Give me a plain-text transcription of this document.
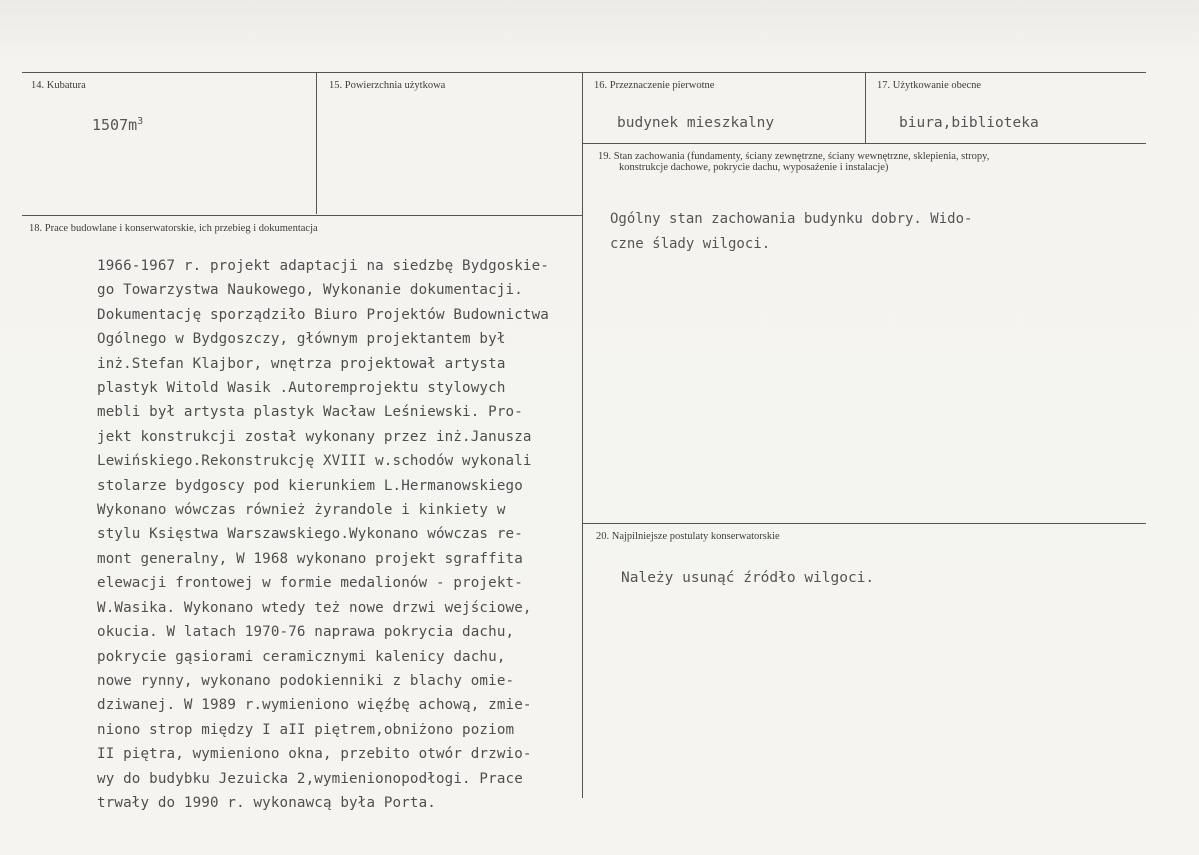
14. Kubatura
$1507m^3$
15. Powierzchnia użytkowa	16. Przeznaczenie pierwotne
budynek mieszkalny
17. Użytkowanie obecne
biura,biblioteka
19. Stan zachowania (fundamenty, ściany zewnętrzne, ściany wewnętrzne, sklepienia, stropy,
konstrukcje dachowe, pokrycie dachu, wyposażenie i instalacje)
Ogólny stan zachowania budynku dobry. Wido-
czne ślady wilgoci.
18. Prace budowlane i konserwatorskie, ich przebieg i dokumentacja
1966-1967 r. projekt adaptacji na siedzbę Bydgoskie-
go Towarzystwa Naukowego, Wykonanie dokumentacji.
Dokumentację sporządziło Biuro Projektów Budownictwa
Ogólnego w Bydgoszczy, głównym projektantem był
inż.Stefan Klajbor, wnętrza projektował artysta
plastyk Witold Wasik .Autoremprojektu stylowych
mebli był artysta plastyk Wacław Leśniewski. Pro-
jekt konstrukcji został wykonany przez inż.Janusza
Lewińskiego.Rekonstrukcję XVIII w.schodów wykonali
stolarze bydgoscy pod kierunkiem L.Hermanowskiego
Wykonano wówczas również żyrandole i kinkiety w
stylu Księstwa Warszawskiego.Wykonano wówczas re-
mont generalny, W 1968 wykonano projekt sgraffita
elewacji frontowej w formie medalionów - projekt-
W.Wasika. Wykonano wtedy też nowe drzwi wejściowe,
okucia. W latach 1970-76 naprawa pokrycia dachu,
pokrycie gąsiorami ceramicznymi kalenicy dachu,
nowe rynny, wykonano podokienniki z blachy omie-
dziwanej. W 1989 r.wymieniono więźbę achową, zmie-
niono strop między I aII piętrem,obniżono poziom
II piętra, wymieniono okna, przebito otwór drzwio-
wy do budybku Jezuicka 2,wymienionopodłogi. Prace
trwały do 1990 r. wykonawcą była Porta.
20. Najpilniejsze postulaty konserwatorskie
Należy usunąć źródło wilgoci.
